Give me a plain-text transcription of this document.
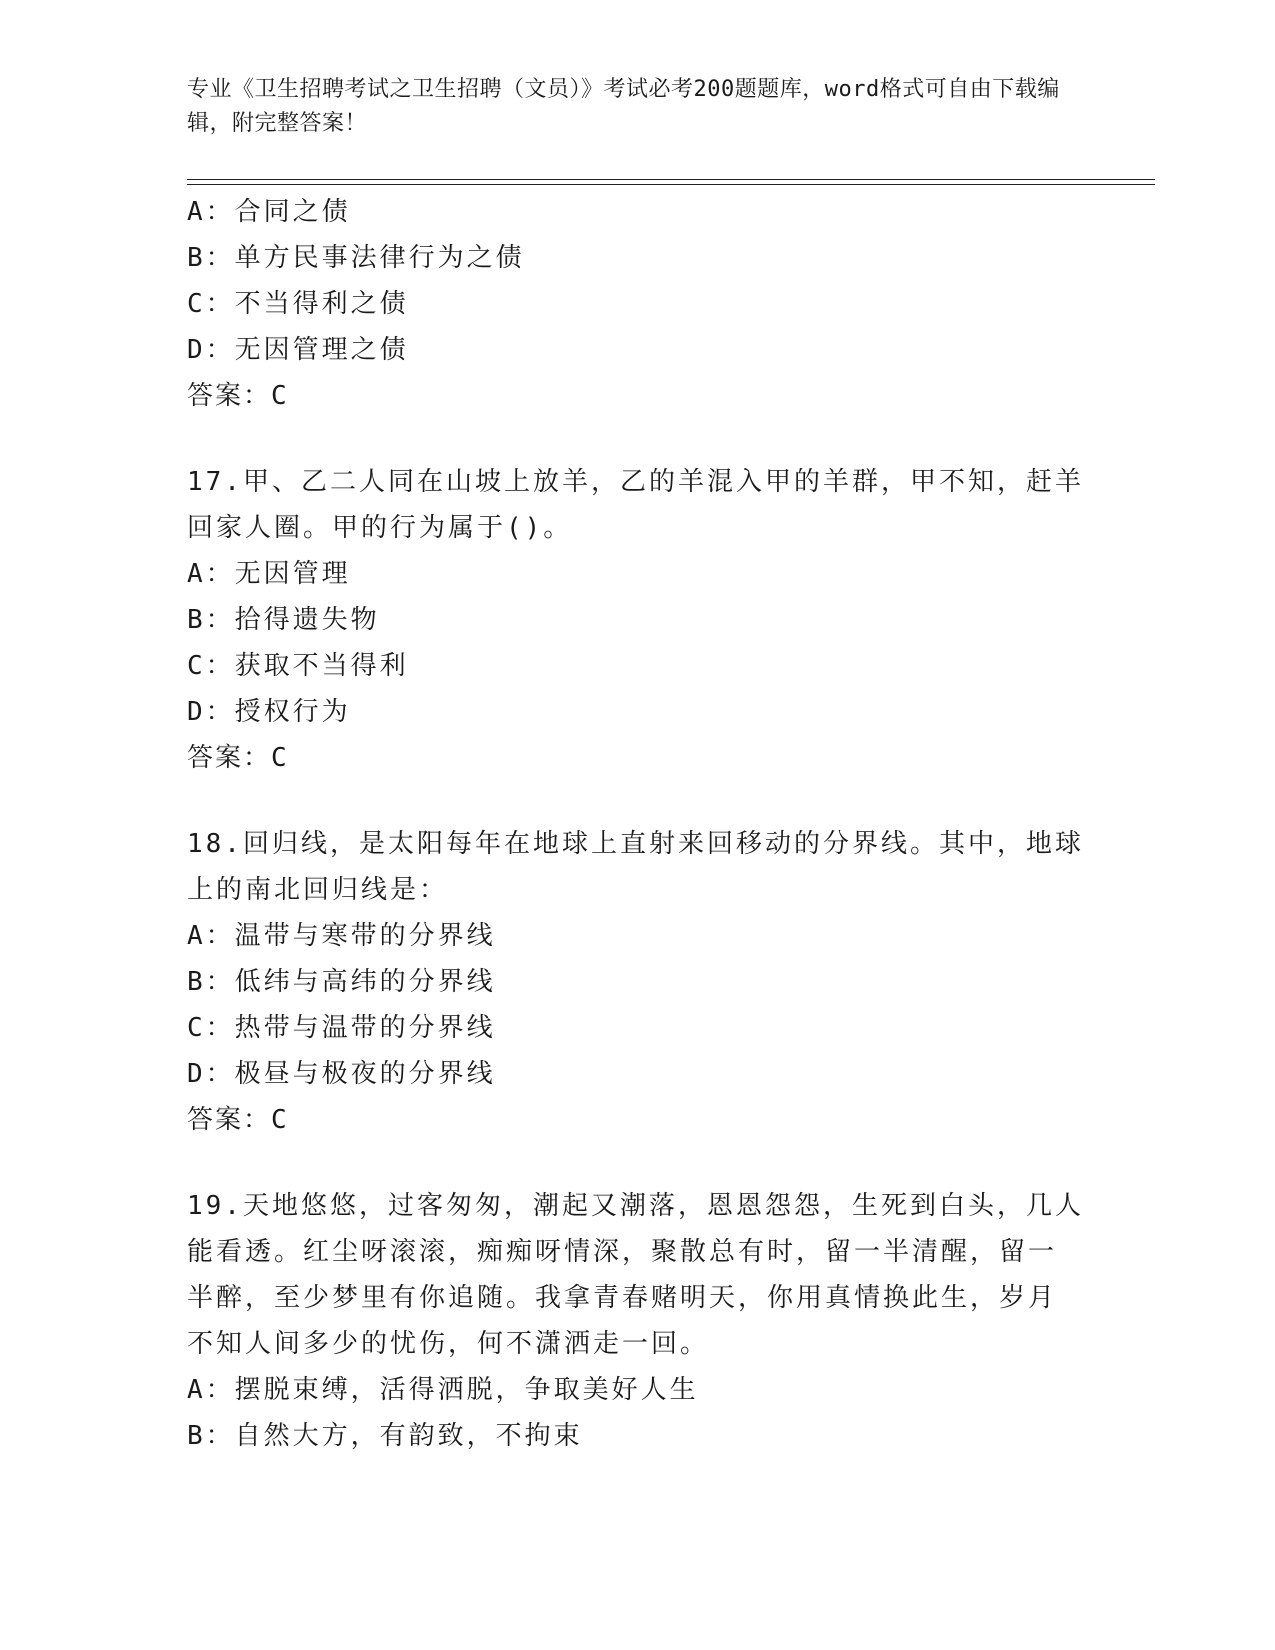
专业《卫生招聘考试之卫生招聘（文员）》考试必考200题题库，word格式可自由下载编辑，附完整答案！
A：合同之债
B：单方民事法律行为之债
C：不当得利之债
D：无因管理之债
答案：C
17.甲、乙二人同在山坡上放羊，乙的羊混入甲的羊群，甲不知，赶羊
回家人圈。甲的行为属于()。
A：无因管理
B：拾得遗失物
C：获取不当得利
D：授权行为
答案：C
18.回归线，是太阳每年在地球上直射来回移动的分界线。其中，地球
上的南北回归线是：
A：温带与寒带的分界线
B：低纬与高纬的分界线
C：热带与温带的分界线
D：极昼与极夜的分界线
答案：C
19.天地悠悠，过客匆匆，潮起又潮落，恩恩怨怨，生死到白头，几人
能看透。红尘呀滚滚，痴痴呀情深，聚散总有时，留一半清醒，留一
半醉，至少梦里有你追随。我拿青春赌明天，你用真情换此生，岁月
不知人间多少的忧伤，何不潇洒走一回。
A：摆脱束缚，活得洒脱，争取美好人生
B：自然大方，有韵致，不拘束
